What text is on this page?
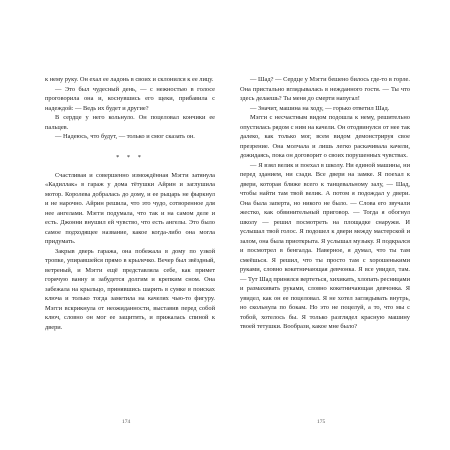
к нему руку. Он ехал ее ладонь в своих и склонился к ее лицу.

— Это был чудесный день, — с нежностью в голосе проговорила она и, коснувшись его щеки, прибавила с надеждой: — Ведь их будет и другие?

В сердце у него кольнуло. Он поцеловал кончики ее пальцев.

— Надеюсь, что будут, — только и смог сказать он.

* * *

Счастливая и совершенно измождённая Мэгги затянула «Кадиллак» в гараж у дома тётушки Айрин и заглушила мотор. Королева добралась до дому, и ее рыцарь не фыркнул и не нарочно. Айрин решила, что это чудо, сотворенное для нее ангелами. Мэгги подумала, что так и на самом деле и есть. Джонни внушил ей чувство, что есть ангелы. Это было самое подходящее название, какое когда-либо она могла придумать.

Закрыв дверь гаража, она побежала в дому по узкой тропке, упиравшейся прямо в крылечко. Вечер был звёздный, ветреный, и Мэгги ещё представляла себе, как примет горячую ванну и забудется долгим и крепким сном. Она забежала на крыльцо, принявшись шарить в сумке в поисках ключа и только тогда заметила на качелях чью-то фигуру. Мэгги вскрикнула от неожиданности, выставив перед собой ключ, словно он мог ее защитить, и прижалась спиной к двери.

— Шад? — Сердце у Мэгги бешено билось где-то в горле. Она пристально вглядывалась в нежданного гостя. — Ты что здесь делаешь? Ты меня до смерти напугал!

— Значит, машина на ходу, — горько ответил Шад.

Мэгги с несчастным видом подошла к нему, решительно опустилась рядом с ним на качели. Он отодвинулся от нее так далеко, как только мог, всем видом демонстрируя свое презрение. Она молчала и лишь легко раскачивала качели, дожидаясь, пока он договорит о своих порушенных чувствах.

— Я взял велик и поехал в школу. Ни единой машины, ни перед зданием, ни сзади. Все двери на замке. Я поехал к двери, которая ближе всего к танцевальному залу, — Шад, чтобы найти там твой велик. А потом я подождал у двери. Она была заперта, но никого не было. — Слова его звучали жестко, как обвинительный приговор. — Тогда я обогнул школу — решил посмотреть на площадке снаружи. И услышал твой голос. Я подошел к двери между мастерской и залом, она была приоткрыта. Я услышал музыку. Я подкрался и посмотрел в бенгалда. Наверное, я думал, что ты там смеёшься. Я решил, что ты просто там с хорошенькими руками, словно кокетничающая девчонка. Я все увидел, там. — Тут Шад принялся вертеться, хихикать, хлопать ресницами и размахивать руками, словно кокетничающая девчонка. Я увидел, как он ее поцеловал. Я не хотел заглядывать внутрь, но скольнула по бокам. Но это не поцелуй, а то, что мы с тобой, хотелось бы. Я только разглядел красную машину твоей тетушки. Вообрази, какое мне было?

174	175
